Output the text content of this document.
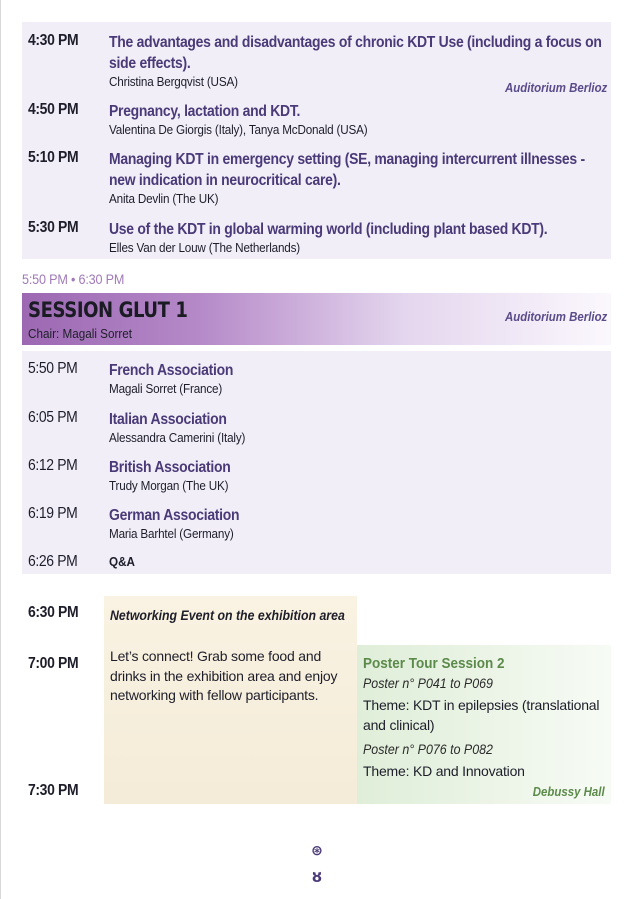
4:30 PM The advantages and disadvantages of chronic KDT Use (including a focus on side effects).
Christina Bergqvist (USA)	Auditorium Berlioz
4:50 PM Pregnancy, lactation and KDT.
Valentina De Giorgis (Italy), Tanya McDonald (USA)
5:10 PM Managing KDT in emergency setting (SE, managing intercurrent illnesses - new indication in neurocritical care).
Anita Devlin (The UK)
5:30 PM Use of the KDT in global warming world (including plant based KDT).
Elles Van der Louw (The Netherlands)
5:50 PM • 6:30 PM
SESSION GLUT 1
Chair: Magali Sorret
Auditorium Berlioz
5:50 PM French Association
Magali Sorret (France)
6:05 PM Italian Association
Alessandra Camerini (Italy)
6:12 PM British Association
Trudy Morgan (The UK)
6:19 PM German Association
Maria Barhtel (Germany)
6:26 PM Q&A
6:30 PM
7:00 PM
7:30 PM
Networking Event on the exhibition area
Let’s connect! Grab some food and drinks in the exhibition area and enjoy networking with fellow participants.
Poster Tour Session 2
Poster n° P041 to P069
Theme: KDT in epilepsies (translational and clinical)
Poster n° P076 to P082
Theme: KD and Innovation
Debussy Hall
⊛
ȣ
